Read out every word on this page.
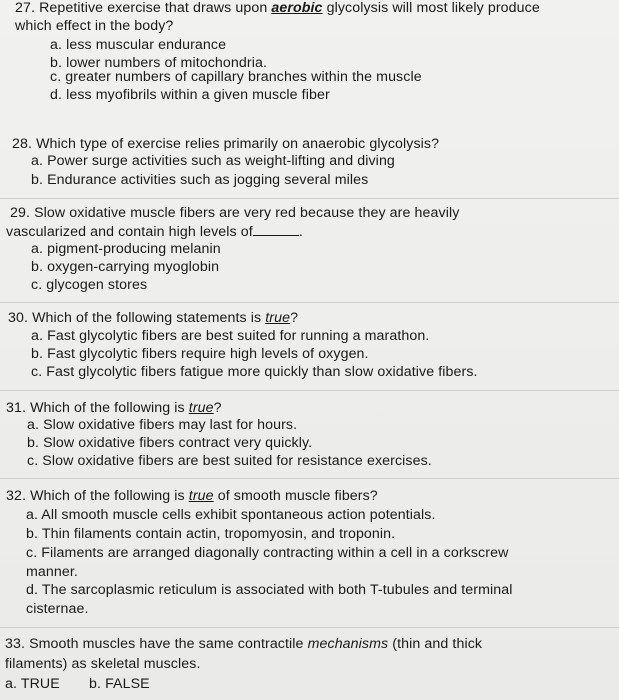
27. Repetitive exercise that draws upon aerobic glycolysis will most likely produce
which effect in the body?
a. less muscular endurance
b. lower numbers of mitochondria.
c. greater numbers of capillary branches within the muscle
d. less myofibrils within a given muscle fiber
28. Which type of exercise relies primarily on anaerobic glycolysis?
a. Power surge activities such as weight-lifting and diving
b. Endurance activities such as jogging several miles
29. Slow oxidative muscle fibers are very red because they are heavily
vascularized and contain high levels of	.
a. pigment-producing melanin
b. oxygen-carrying myoglobin
c. glycogen stores
30. Which of the following statements is true?
a. Fast glycolytic fibers are best suited for running a marathon.
b. Fast glycolytic fibers require high levels of oxygen.
c. Fast glycolytic fibers fatigue more quickly than slow oxidative fibers.
31. Which of the following is true?
a. Slow oxidative fibers may last for hours.
b. Slow oxidative fibers contract very quickly.
c. Slow oxidative fibers are best suited for resistance exercises.
32. Which of the following is true of smooth muscle fibers?
a. All smooth muscle cells exhibit spontaneous action potentials.
b. Thin filaments contain actin, tropomyosin, and troponin.
c. Filaments are arranged diagonally contracting within a cell in a corkscrew
manner.
d. The sarcoplasmic reticulum is associated with both T-tubules and terminal
cisternae.
33. Smooth muscles have the same contractile mechanisms (thin and thick
filaments) as skeletal muscles.
a. TRUE b. FALSE
